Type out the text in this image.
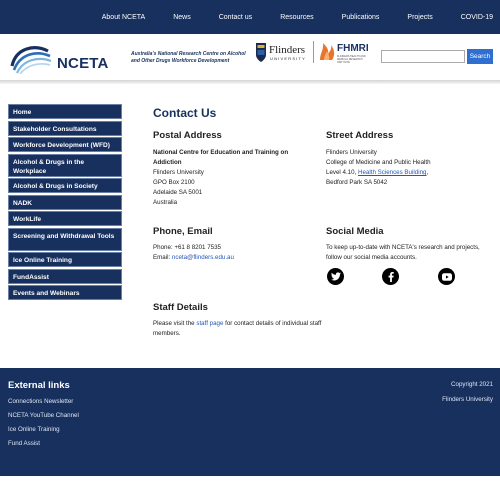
About NCETA	News	Contact us	Resources	Publications	Projects	COVID-19
NCETA
Australia's National Research Centre on Alcohol and Other Drugs Workforce Development
Flinders
UNIVERSITY
FHMRI
FLINDERS HEALTH AND MEDICAL RESEARCH INSTITUTE
Search
Home
Stakeholder Consultations
Workforce Development (WFD)
Alcohol & Drugs in the Workplace
Alcohol & Drugs in Society
NADK
WorkLife
Screening and Withdrawal Tools
Ice Online Training
FundAssist
Events and Webinars
Contact Us
Postal Address
National Centre for Education and Training on Addiction
Flinders University
GPO Box 2100
Adelaide SA 5001
Australia
Street Address
Flinders University
College of Medicine and Public Health
Level 4.10, Health Sciences Building,
Bedford Park SA 5042
Phone, Email
Phone: +61 8 8201 7535
Email: nceta@flinders.edu.au
Social Media
To keep up-to-date with NCETA's research and projects, follow our social media accounts.
Staff Details
Please visit the staff page for contact details of individual staff members.
External links
Connections Newsletter
NCETA YouTube Channel
Ice Online Training
Fund Assist
Copyright 2021
Flinders University
